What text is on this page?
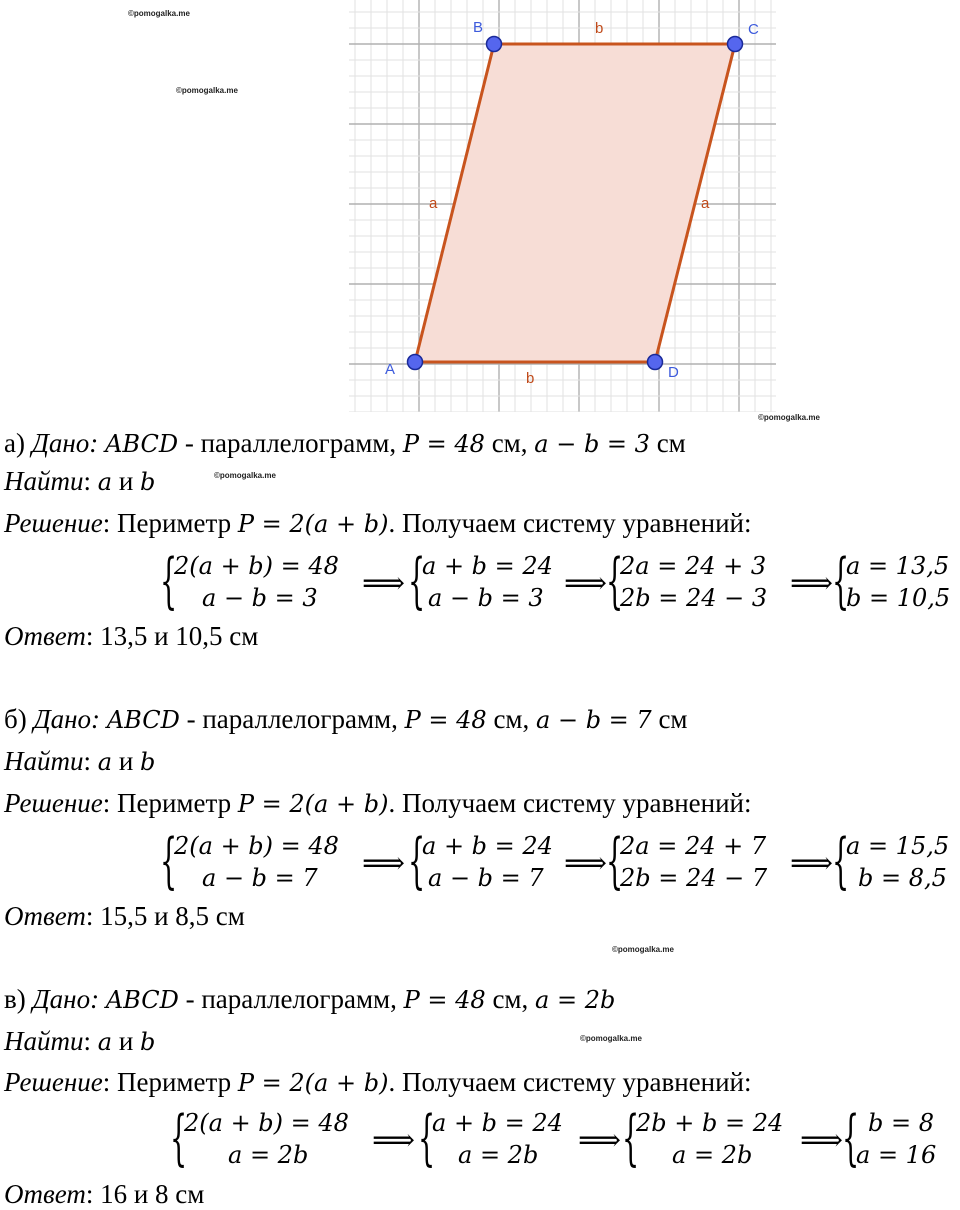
©pomogalka.me
©pomogalka.me
©pomogalka.me
©pomogalka.me
©pomogalka.me
©pomogalka.me
A
B	C
D
b
b
a	a
а) Дано: ABCD - параллелограмм, P = 48 см, a − b = 3 см
Найти: a и b
Решение: Периметр P = 2(a + b). Получаем систему уравнений:
{
2(a + b) = 48
a − b = 3 ⟹ {
a + b = 24
a − b = 3 ⟹
{
2a = 24 + 3
2b = 24 − 3 ⟹
{
a = 13,5
b = 10,5
Ответ: 13,5 и 10,5 см
б) Дано: ABCD - параллелограмм, P = 48 см, a − b = 7 см
Найти: a и b
Решение: Периметр P = 2(a + b). Получаем систему уравнений:
{
2(a + b) = 48
a − b = 7 ⟹ {
a + b = 24
a − b = 7 ⟹
{
2a = 24 + 7
2b = 24 − 7 ⟹
{
a = 15,5
b = 8,5
Ответ: 15,5 и 8,5 см
в) Дано: ABCD - параллелограмм, P = 48 см, a = 2b
Найти: a и b
Решение: Периметр P = 2(a + b). Получаем систему уравнений:
{
2(a + b) = 48
a = 2b ⟹ {
a + b = 24
a = 2b ⟹ {
2b + b = 24
a = 2b ⟹
{ b = 8
a = 16
Ответ: 16 и 8 см
